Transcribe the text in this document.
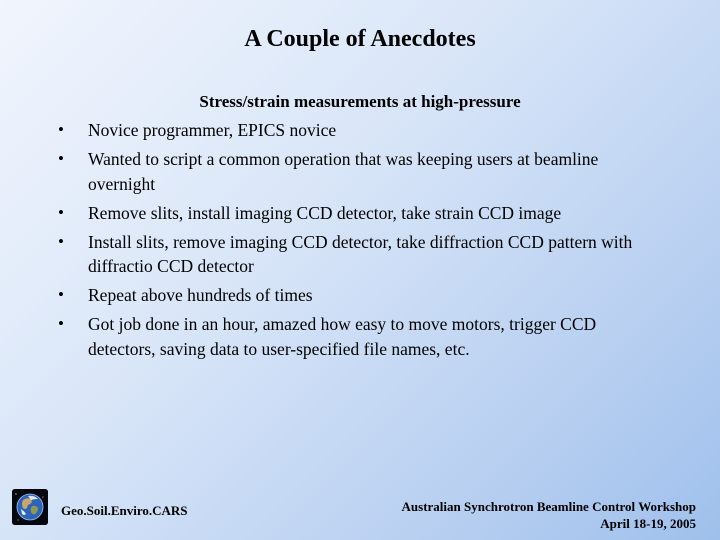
A Couple of Anecdotes
Stress/strain measurements at high-pressure
• Novice programmer, EPICS novice
• Wanted to script a common operation that was keeping users at beamline overnight
• Remove slits, install imaging CCD detector, take strain CCD image
• Install slits, remove imaging CCD detector, take diffraction CCD pattern with diffractio CCD detector
• Repeat above hundreds of times
• Got job done in an hour, amazed how easy to move motors, trigger CCD detectors, saving data to user-specified file names, etc.
Geo.Soil.Enviro.CARS	Australian Synchrotron Beamline Control Workshop
April 18-19, 2005
